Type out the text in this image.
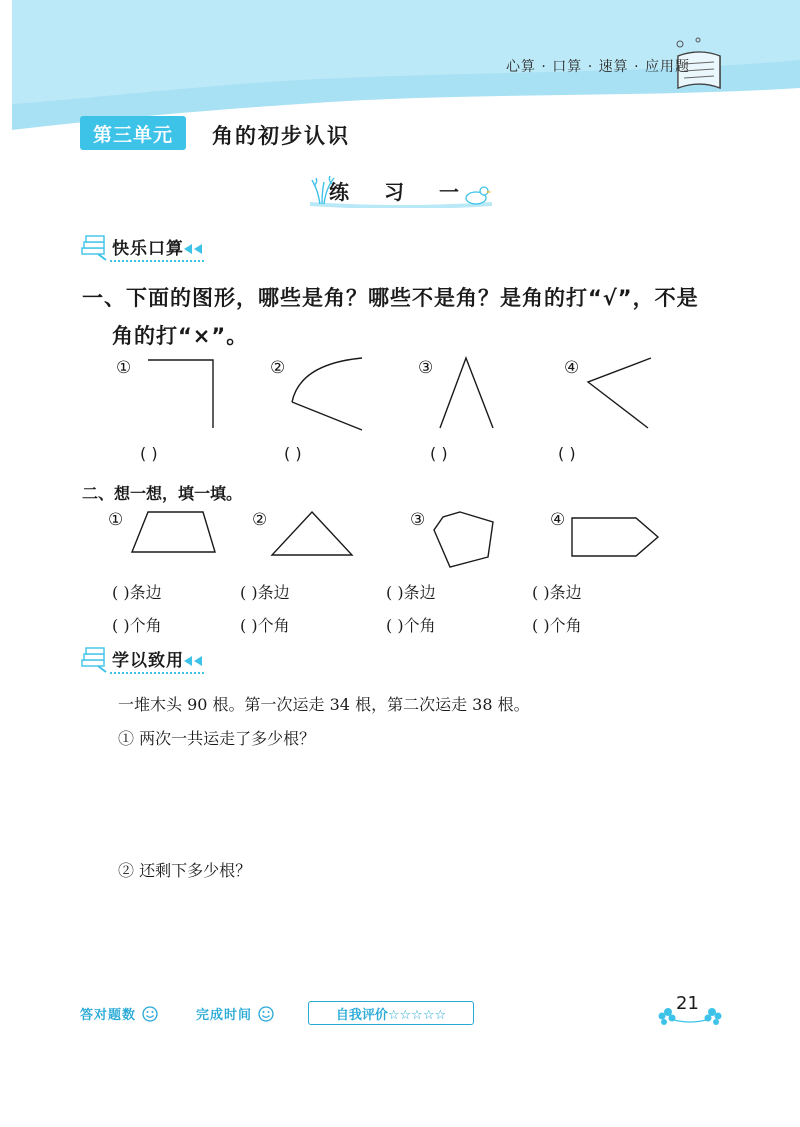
心算 · 口算 · 速算 · 应用题
第三单元	角的初步认识
练 习 一
快乐口算
一、下面的图形，哪些是角？哪些不是角？是角的打“√”，不是
角的打“×”。
①	②	③	④
( )	( )	( )	( )
二、想一想，填一填。
①	②	③	④
( )条边	( )条边	( )条边	( )条边
( )个角	( )个角	( )个角	( )个角
学以致用
一堆木头 90 根。第一次运走 34 根，第二次运走 38 根。
① 两次一共运走了多少根？
② 还剩下多少根？
答对题数	完成时间	自我评价☆☆☆☆☆
21
